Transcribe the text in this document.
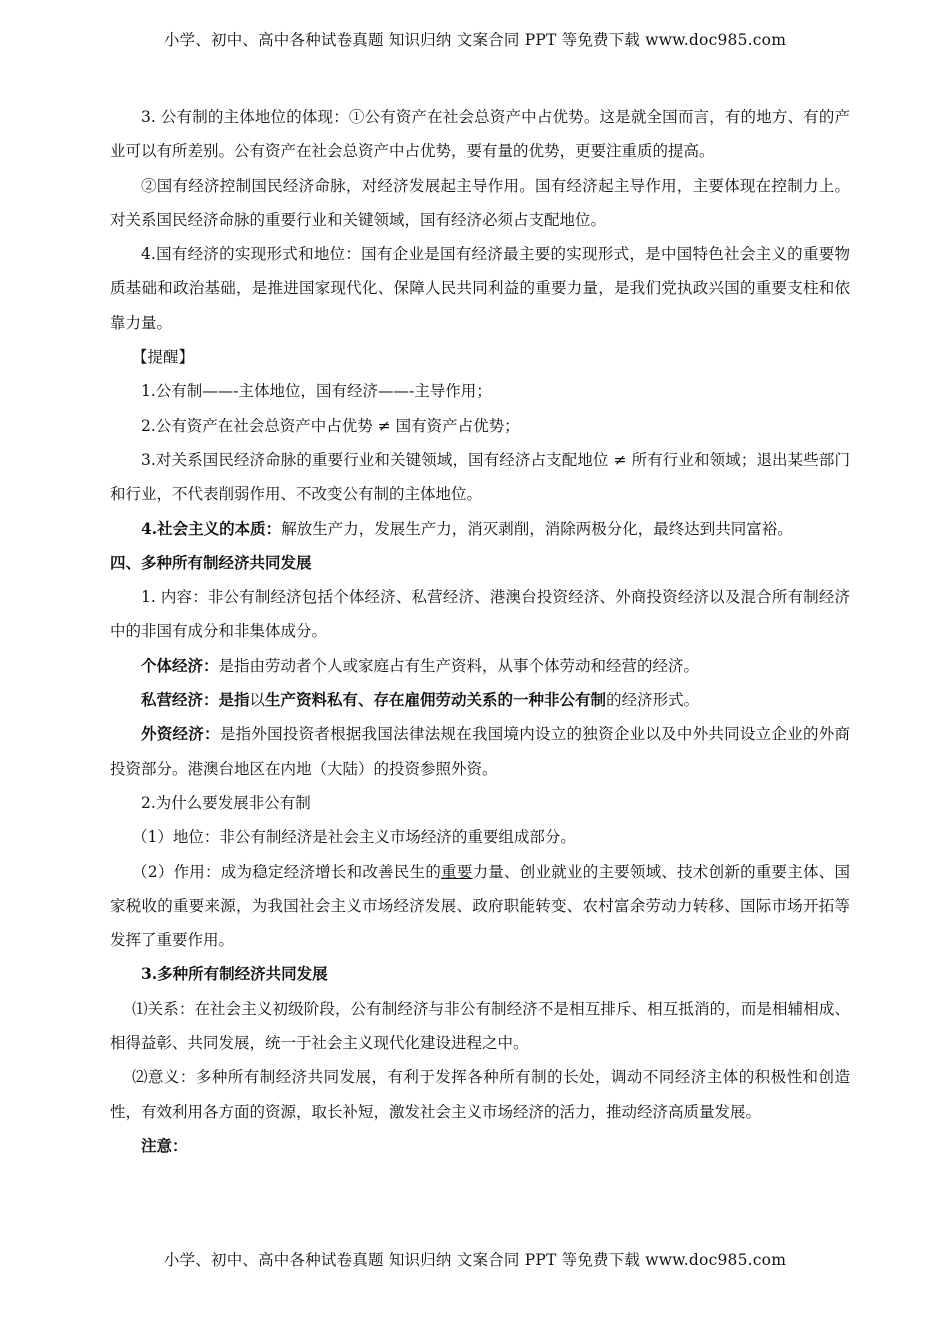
小学、初中、高中各种试卷真题 知识归纳 文案合同 PPT 等免费下载 www.doc985.com

3. 公有制的主体地位的体现：①公有资产在社会总资产中占优势。这是就全国而言，有的地方、有的产业可以有所差别。公有资产在社会总资产中占优势，要有量的优势，更要注重质的提高。

②国有经济控制国民经济命脉，对经济发展起主导作用。国有经济起主导作用，主要体现在控制力上。对关系国民经济命脉的重要行业和关键领域，国有经济必须占支配地位。

4.国有经济的实现形式和地位：国有企业是国有经济最主要的实现形式，是中国特色社会主义的重要物质基础和政治基础，是推进国家现代化、保障人民共同利益的重要力量，是我们党执政兴国的重要支柱和依靠力量。

【提醒】

1.公有制——-主体地位，国有经济——-主导作用；

2.公有资产在社会总资产中占优势 ≠ 国有资产占优势；

3.对关系国民经济命脉的重要行业和关键领域，国有经济占支配地位 ≠ 所有行业和领域；退出某些部门和行业，不代表削弱作用、不改变公有制的主体地位。

4.社会主义的本质：解放生产力，发展生产力，消灭剥削，消除两极分化，最终达到共同富裕。

四、多种所有制经济共同发展

1. 内容：非公有制经济包括个体经济、私营经济、港澳台投资经济、外商投资经济以及混合所有制经济中的非国有成分和非集体成分。

个体经济：是指由劳动者个人或家庭占有生产资料，从事个体劳动和经营的经济。

私营经济：是指以生产资料私有、存在雇佣劳动关系的一种非公有制的经济形式。

外资经济：是指外国投资者根据我国法律法规在我国境内设立的独资企业以及中外共同设立企业的外商投资部分。港澳台地区在内地（大陆）的投资参照外资。

2.为什么要发展非公有制

（1）地位：非公有制经济是社会主义市场经济的重要组成部分。

（2）作用：成为稳定经济增长和改善民生的重要力量、创业就业的主要领域、技术创新的重要主体、国家税收的重要来源，为我国社会主义市场经济发展、政府职能转变、农村富余劳动力转移、国际市场开拓等发挥了重要作用。

3.多种所有制经济共同发展

⑴关系：在社会主义初级阶段，公有制经济与非公有制经济不是相互排斥、相互抵消的，而是相辅相成、相得益彰、共同发展，统一于社会主义现代化建设进程之中。

⑵意义：多种所有制经济共同发展，有利于发挥各种所有制的长处，调动不同经济主体的积极性和创造性，有效利用各方面的资源，取长补短，激发社会主义市场经济的活力，推动经济高质量发展。

注意：

小学、初中、高中各种试卷真题 知识归纳 文案合同 PPT 等免费下载 www.doc985.com
